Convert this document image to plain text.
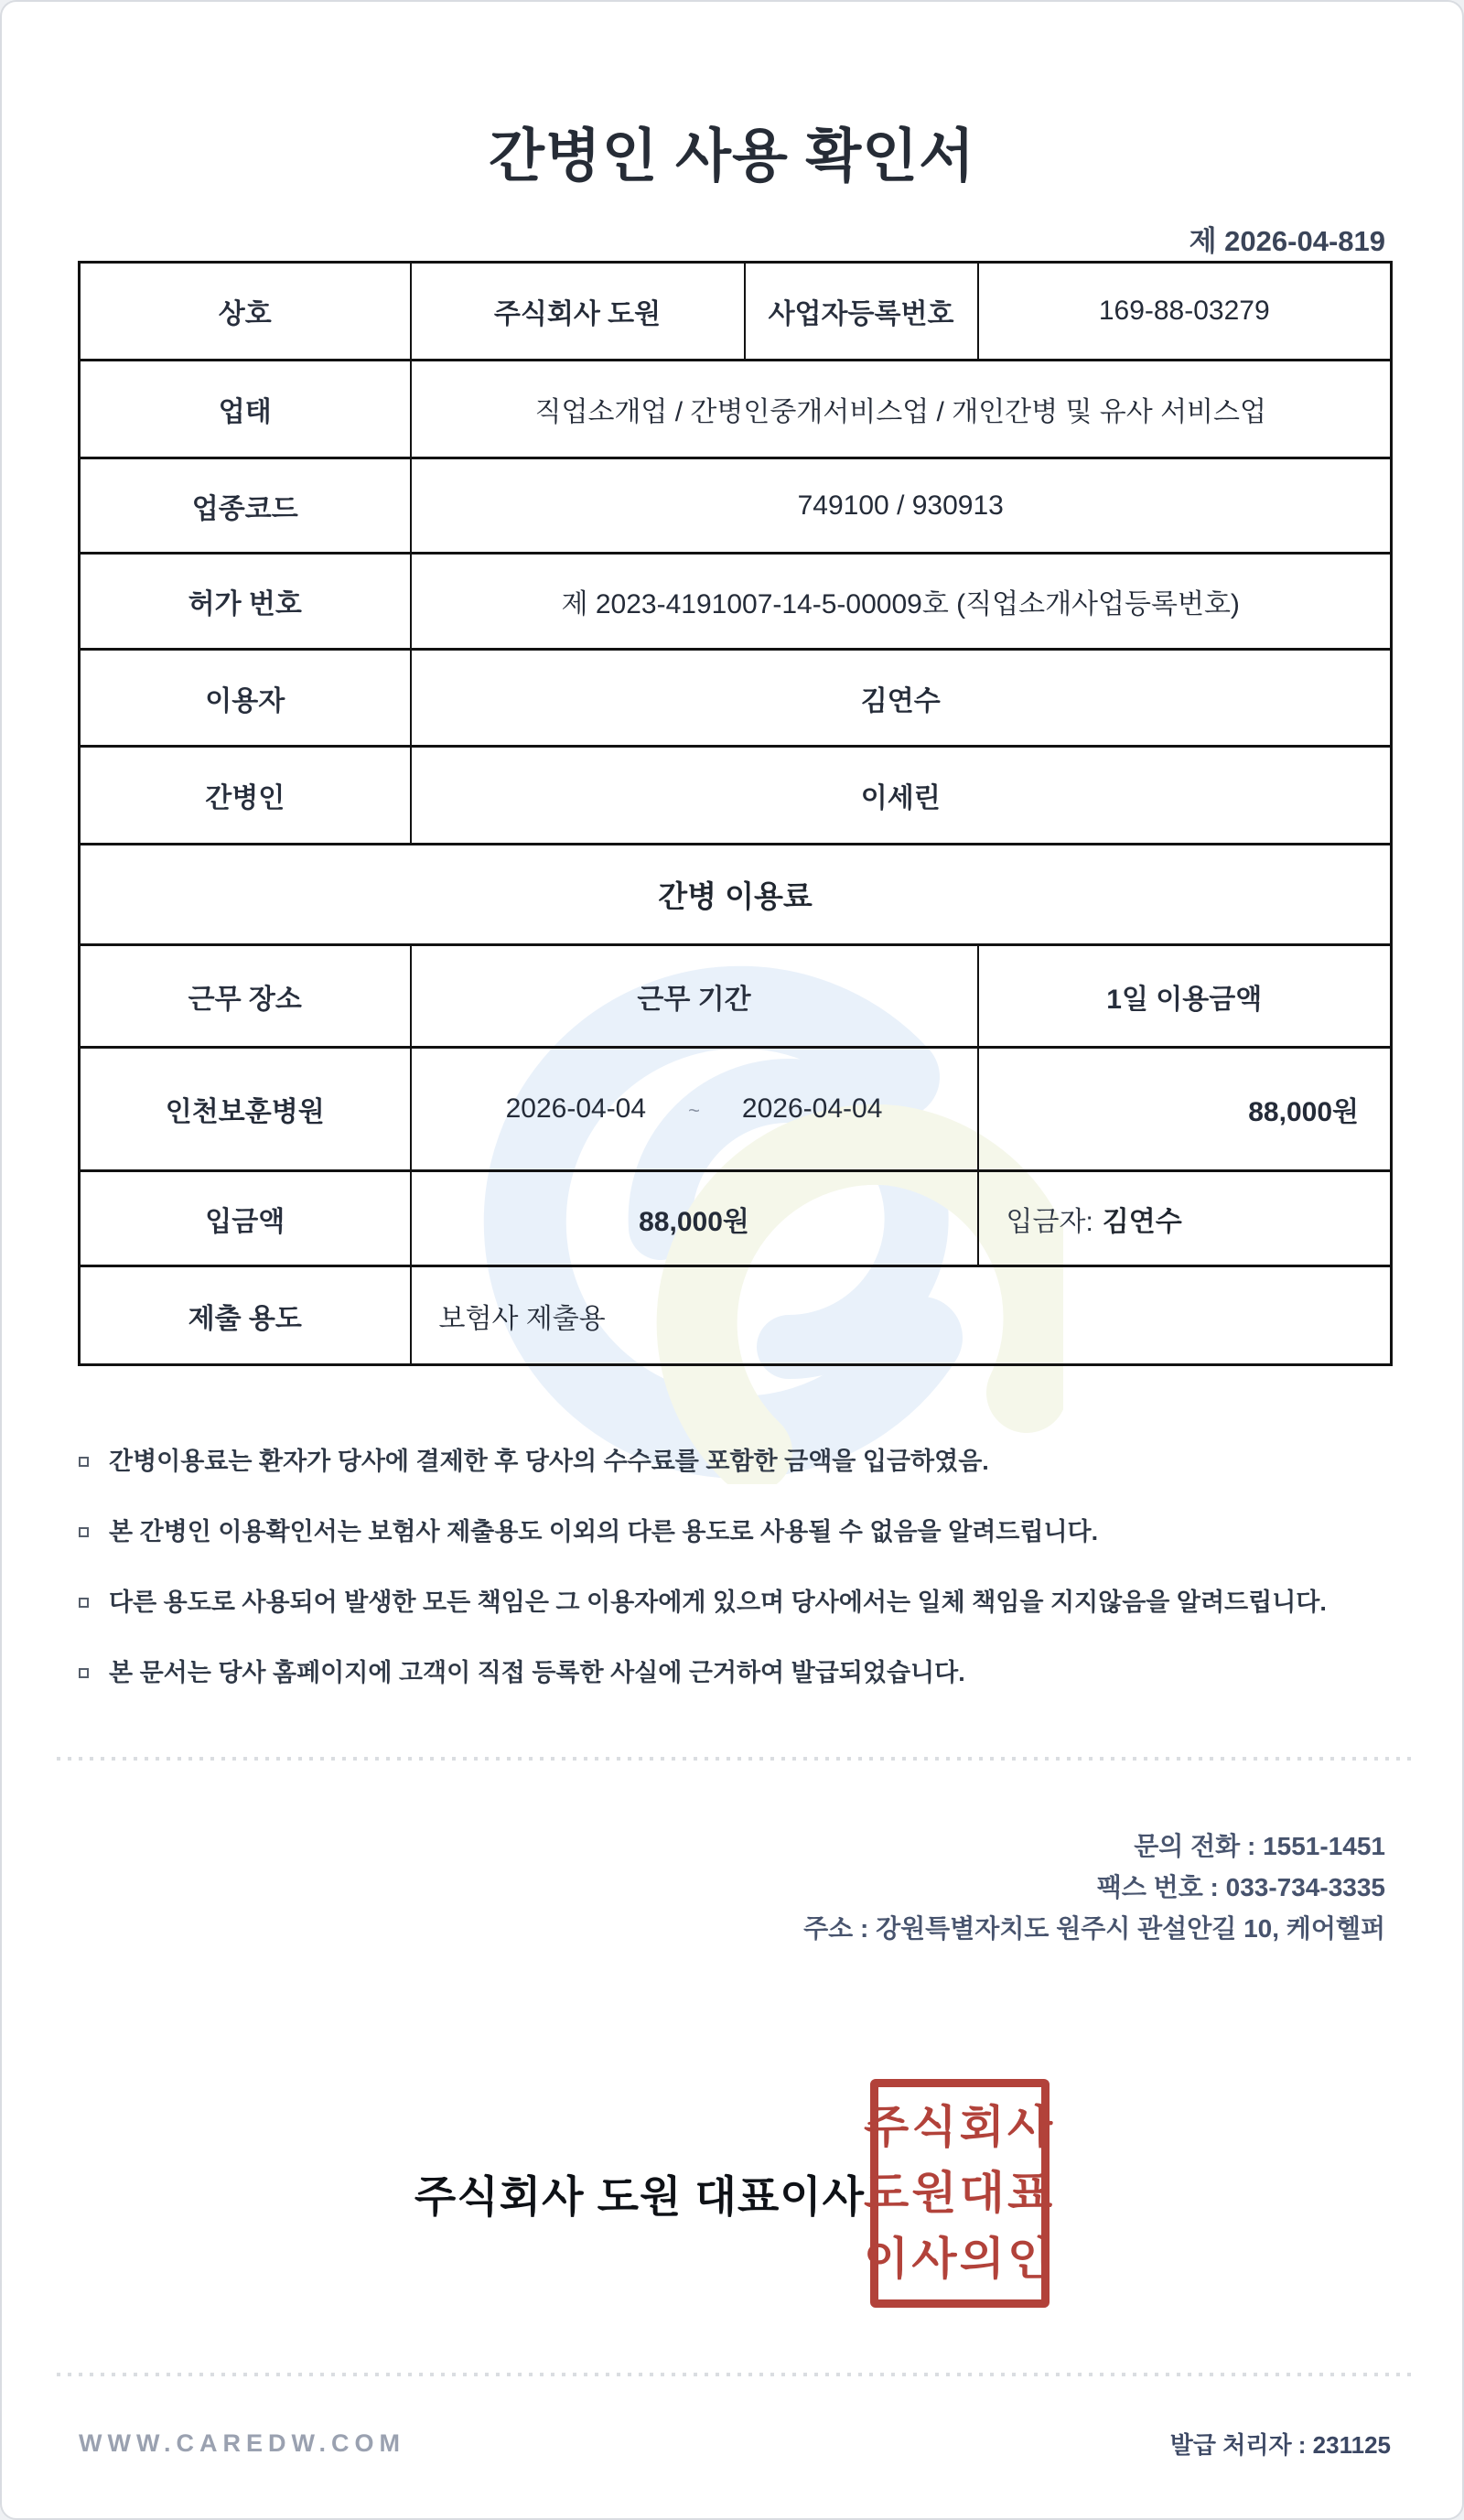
간병인 사용 확인서
제 2026-04-819
상호	주식회사 도원	사업자등록번호	169-88-03279
업태	직업소개업 / 간병인중개서비스업 / 개인간병 및 유사 서비스업		
업종코드	749100 / 930913		
허가 번호	제 2023-4191007-14-5-00009호 (직업소개사업등록번호)		
이용자	김연수		
간병인	이세린		
간병 이용료			
근무 장소	근무 기간		1일 이용금액
인천보훈병원	2026-04-04 ~ 2026-04-04		88,000원
입금액	88,000원		입금자: 김연수
제출 용도	보험사 제출용		
간병이용료는 환자가 당사에 결제한 후 당사의 수수료를 포함한 금액을 입금하였음.
본 간병인 이용확인서는 보험사 제출용도 이외의 다른 용도로 사용될 수 없음을 알려드립니다.
다른 용도로 사용되어 발생한 모든 책임은 그 이용자에게 있으며 당사에서는 일체 책임을 지지않음을 알려드립니다.
본 문서는 당사 홈페이지에 고객이 직접 등록한 사실에 근거하여 발급되었습니다.
문의 전화 : 1551-1451
팩스 번호 : 033-734-3335
주소 : 강원특별자치도 원주시 관설안길 10, 케어헬퍼
주식회사 도원 대표이사
주식회사
도원대표
이사의인
WWW.CAREDW.COM	발급 처리자 : 231125
